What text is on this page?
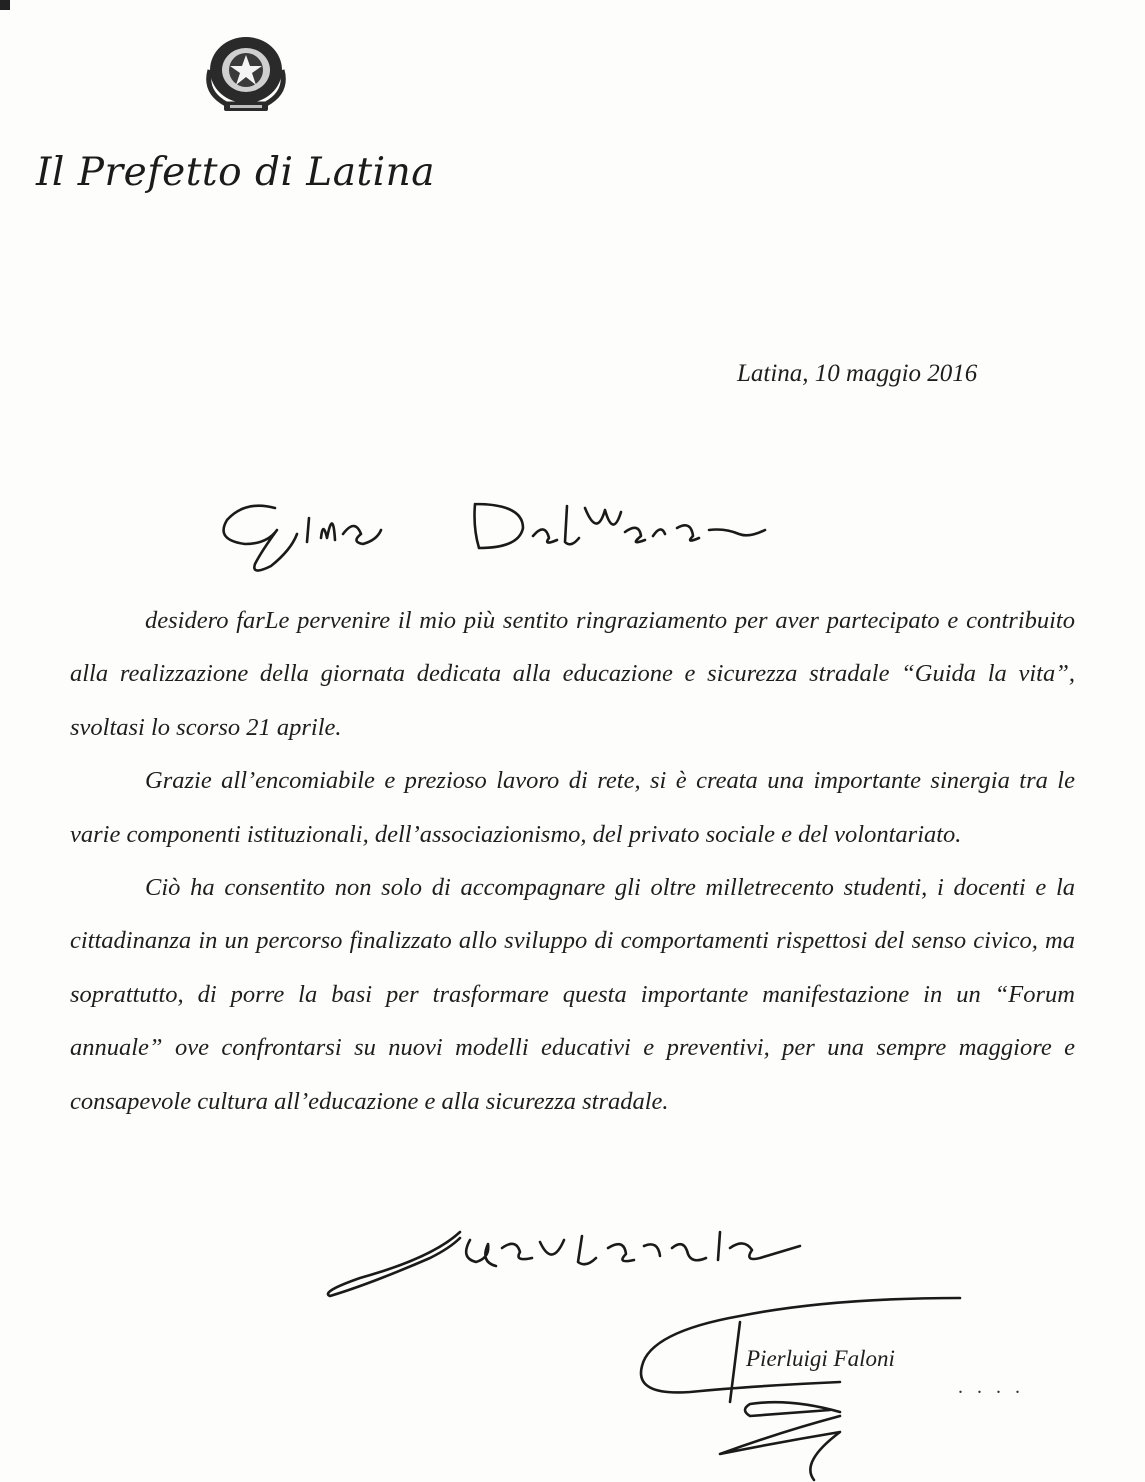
Il Prefetto di Latina
Latina, 10 maggio 2016

desidero farLe pervenire il mio più sentito ringraziamento per aver partecipato e contribuito alla realizzazione della giornata dedicata alla educazione e sicurezza stradale “Guida la vita”, svoltasi lo scorso 21 aprile.

Grazie all’encomiabile e prezioso lavoro di rete, si è creata una importante sinergia tra le varie componenti istituzionali, dell’associazionismo, del privato sociale e del volontariato.

Ciò ha consentito non solo di accompagnare gli oltre milletrecento studenti, i docenti e la cittadinanza in un percorso finalizzato allo sviluppo di comportamenti rispettosi del senso civico, ma soprattutto, di porre la basi per trasformare questa importante manifestazione in un “Forum annuale” ove confrontarsi su nuovi modelli educativi e preventivi, per una sempre maggiore e consapevole cultura all’educazione e alla sicurezza stradale.

Pierluigi Faloni
....
